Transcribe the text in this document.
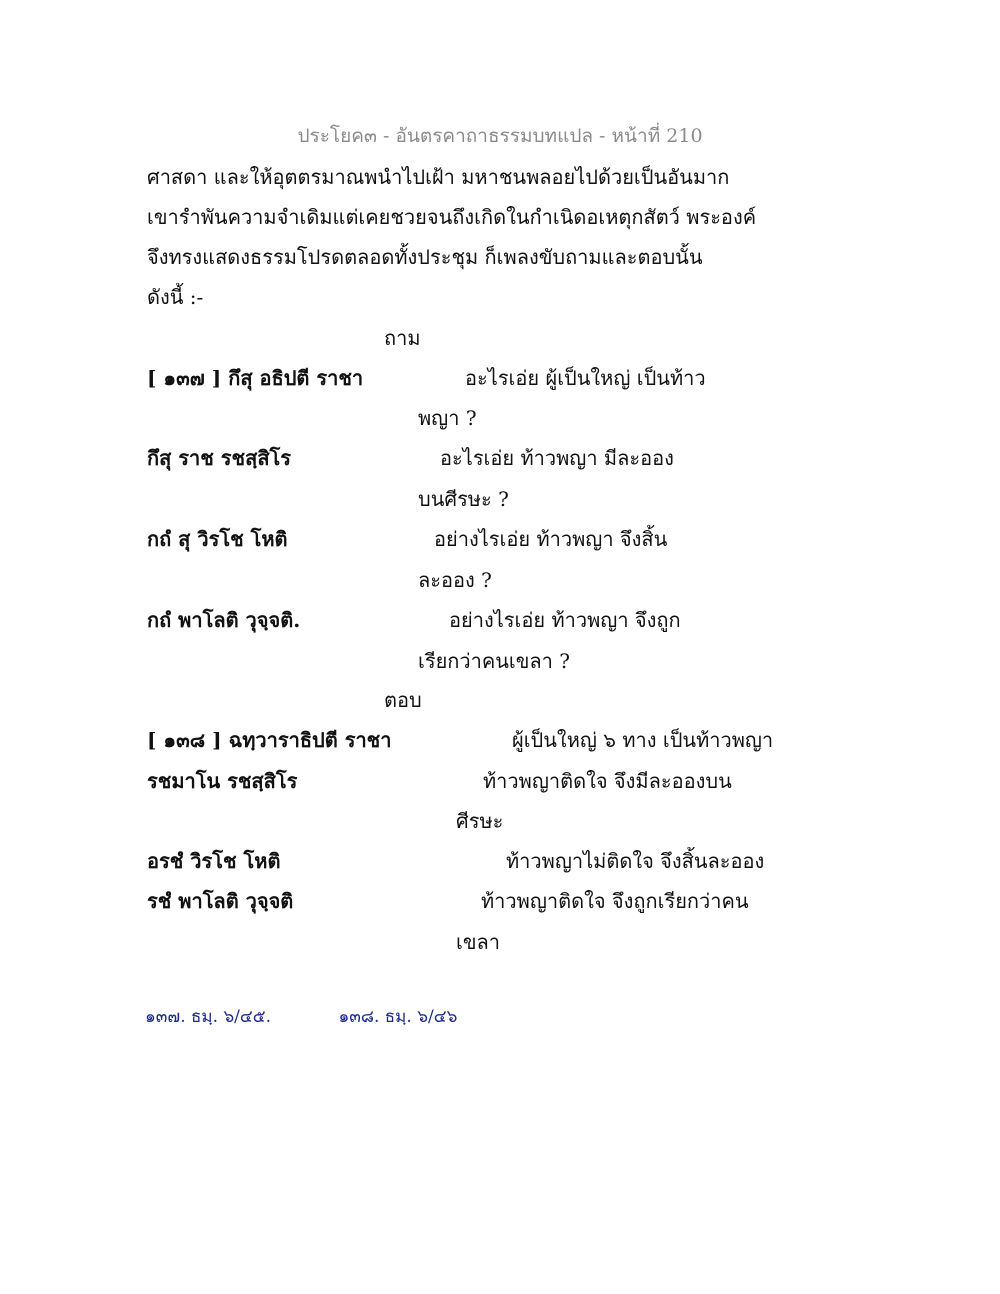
ประโยค๓ - อันตรคาถาธรรมบทแปล - หน้าที่ 210
ศาสดา และให้อุตตรมาณพนำไปเฝ้า มหาชนพลอยไปด้วยเป็นอันมาก
เขารำพันความจำเดิมแต่เคยชวยจนถึงเกิดในกำเนิดอเหตุกสัตว์ พระองค์
จึงทรงแสดงธรรมโปรดตลอดทั้งประชุม ก็เพลงขับถามและตอบนั้น
ดังนี้ :-
ถาม
[ ๑๓๗ ] กึสุ อธิปตี ราชา	อะไรเอ่ย ผู้เป็นใหญ่ เป็นท้าว
พญา ?
กึสุ ราช รชสฺสิโร	อะไรเอ่ย ท้าวพญา มีละออง
บนศีรษะ ?
กถํ สุ วิรโช โหติ	อย่างไรเอ่ย ท้าวพญา จึงสิ้น
ละออง ?
กถํ พาโลติ วุจฺจติ.	อย่างไรเอ่ย ท้าวพญา จึงถูก
เรียกว่าคนเขลา ?
ตอบ
[ ๑๓๘ ] ฉทฺวาราธิปตี ราชา	ผู้เป็นใหญ่ ๖ ทาง เป็นท้าวพญา
รชมาโน รชสฺสิโร	ท้าวพญาติดใจ จึงมีละอองบน
ศีรษะ
อรชํ วิรโช โหติ	ท้าวพญาไม่ติดใจ จึงสิ้นละออง
รชํ พาโลติ วุจฺจติ	ท้าวพญาติดใจ จึงถูกเรียกว่าคน
เขลา
๑๓๗. ธมฺ. ๖/๔๕.	๑๓๘. ธมฺ. ๖/๔๖
